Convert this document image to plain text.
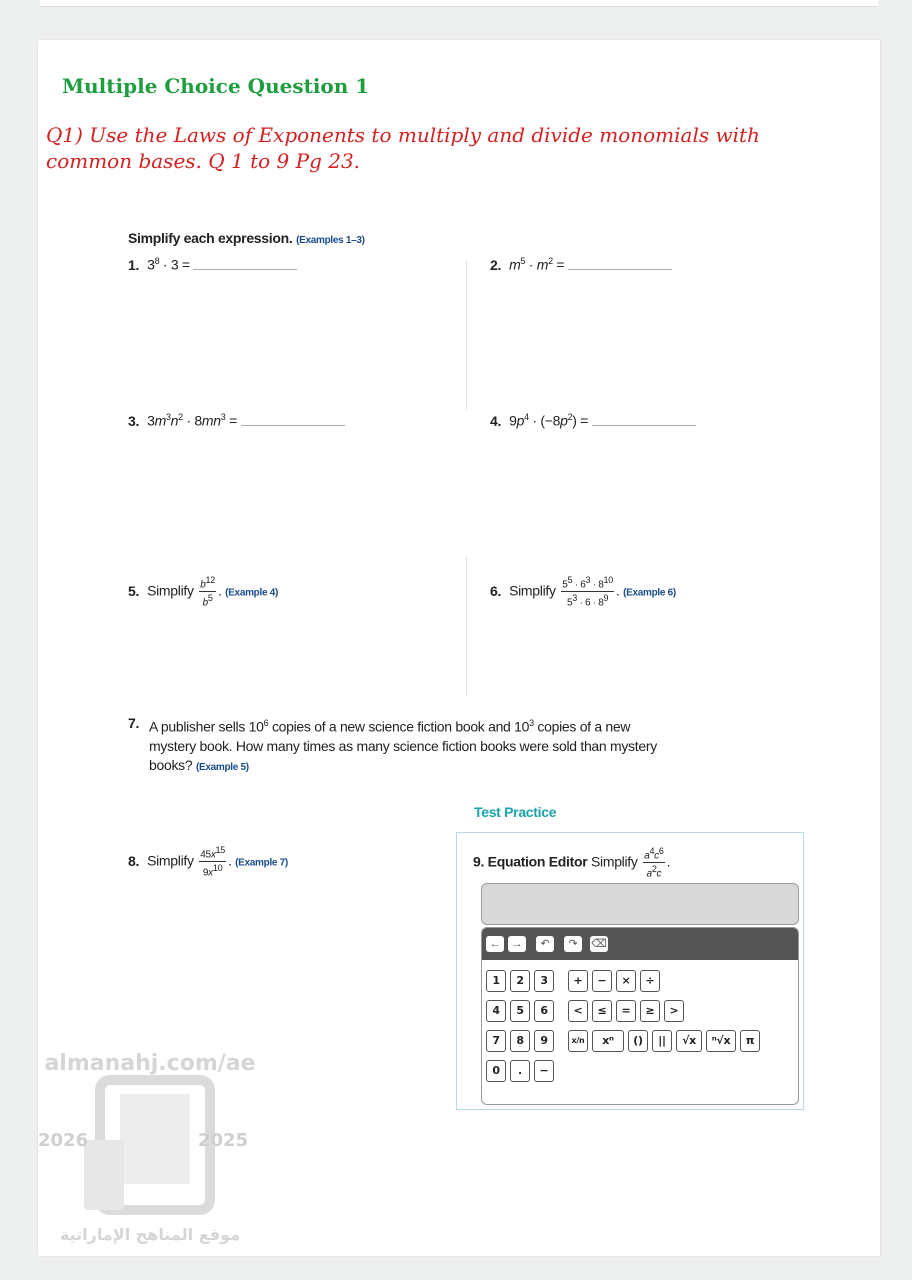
Multiple Choice Question 1
Q1) Use the Laws of Exponents to multiply and divide monomials with common bases. Q 1 to 9 Pg 23.
Simplify each expression. (Examples 1–3)
1. $3^8 \cdot 3$ =	2. $m^5 \cdot m^2$ =
3. $3m^3n^2 \cdot 8mn^3$ =	4. $9p^4 \cdot (-8p^2)$ =
5. Simplify $\frac{b^{12}}{b^5}$ . (Example 4)	6. Simplify $\frac{5^5 \cdot 6^3 \cdot 8^{10}}{5^3 \cdot 6 \cdot 8^9}$ . (Example 6)
7. A publisher sells $10^6$ copies of a new science fiction book and $10^3$ copies of a new mystery book. How many times as many science fiction books were sold than mystery books? (Example 5)
Test Practice
8. Simplify $\frac{45x^{15}}{9x^{10}}$ . (Example 7)	9. Equation Editor Simplify $\frac{a^4c^6}{a^2c}$ .
←	→	↶	↷	⌫
1	2	3	+	−	×	÷
4	5	6	<	≤	=	≥	>
7	8	9	x/n	xⁿ	()	||	√x	ⁿ√x	π
0	.	−
almanahj.com/ae
2026	2025
موقع المناهج الإماراتية
